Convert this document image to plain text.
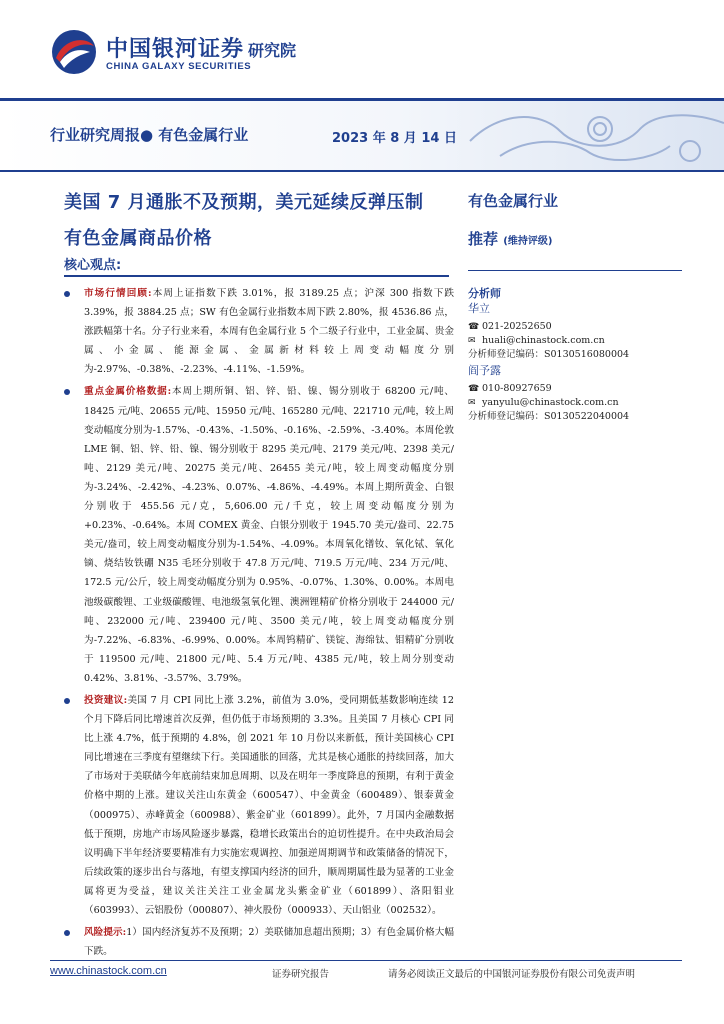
中国银河证券
CHINA GALAXY SECURITIES
研究院
行业研究周报● 有色金属行业	2023 年 8 月 14 日
美国 7 月通胀不及预期，美元延续反弹压制
有色金属商品价格
核心观点:
有色金属行业
推荐 (维持评级)
分析师
华立
☎ 021-20252650
✉ huali@chinastock.com.cn
分析师登记编码：S0130516080004
阎予露
☎ 010-80927659
✉ yanyulu@chinastock.com.cn
分析师登记编码：S0130522040004

市场行情回顾:本周上证指数下跌 3.01%，报 3189.25 点；沪深 300 指数下跌 3.39%，报 3884.25 点；SW 有色金属行业指数本周下跌 2.80%，报 4536.86 点，涨跌幅第十名。分子行业来看，本周有色金属行业 5 个二级子行业中，工业金属、贵金属、小金属、能源金属、金属新材料较上周变动幅度分别为-2.97%、-0.38%、-2.23%、-4.11%、-1.59%。

重点金属价格数据:本周上期所铜、铝、锌、铅、镍、锡分别收于 68200 元/吨、18425 元/吨、20655 元/吨、15950 元/吨、165280 元/吨、221710 元/吨，较上周变动幅度分别为-1.57%、-0.43%、-1.50%、-0.16%、-2.59%、-3.40%。本周伦敦 LME 铜、铝、锌、铅、镍、锡分别收于 8295 美元/吨、2179 美元/吨、2398 美元/吨、2129 美元/吨、20275 美元/吨、26455 美元/吨，较上周变动幅度分别为-3.24%、-2.42%、-4.23%、0.07%、-4.86%、-4.49%。本周上期所黄金、白银分别收于 455.56 元/克，5,606.00 元/千克，较上周变动幅度分别为 +0.23%、-0.64%。本周 COMEX 黄金、白银分别收于 1945.70 美元/盎司、22.75 美元/盎司，较上周变动幅度分别为-1.54%、-4.09%。本周氧化镨钕、氧化铽、氧化镝、烧结钕铁硼 N35 毛坯分别收于 47.8 万元/吨、719.5 万元/吨、234 万元/吨、172.5 元/公斤，较上周变动幅度分别为 0.95%、-0.07%、1.30%、0.00%。本周电池级碳酸锂、工业级碳酸锂、电池级氢氧化锂、澳洲锂精矿价格分别收于 244000 元/吨、232000 元/吨、239400 元/吨、3500 美元/吨，较上周变动幅度分别为-7.22%、-6.83%、-6.99%、0.00%。本周钨精矿、镁锭、海绵钛、钼精矿分别收于 119500 元/吨、21800 元/吨、5.4 万元/吨、4385 元/吨，较上周分别变动 0.42%、3.81%、-3.57%、3.79%。

投资建议:美国 7 月 CPI 同比上涨 3.2%，前值为 3.0%，受同期低基数影响连续 12 个月下降后同比增速首次反弹，但仍低于市场预期的 3.3%。且美国 7 月核心 CPI 同比上涨 4.7%，低于预期的 4.8%，创 2021 年 10 月份以来新低，预计美国核心 CPI 同比增速在三季度有望继续下行。美国通胀的回落，尤其是核心通胀的持续回落，加大了市场对于美联储今年底前结束加息周期、以及在明年一季度降息的预期，有利于黄金价格中期的上涨。建议关注山东黄金（600547）、中金黄金（600489）、银泰黄金（000975）、赤峰黄金（600988）、紫金矿业（601899）。此外，7 月国内金融数据低于预期，房地产市场风险逐步暴露，稳增长政策出台的迫切性提升。在中央政治局会议明确下半年经济要要精准有力实施宏观调控、加强逆周期调节和政策储备的情况下，后续政策的逐步出台与落地，有望支撑国内经济的回升，顺周期属性最为显著的工业金属将更为受益，建议关注关注工业金属龙头紫金矿业（601899）、洛阳钼业（603993）、云铝股份（000807）、神火股份（000933）、天山铝业（002532）。

风险提示:1）国内经济复苏不及预期；2）美联储加息超出预期；3）有色金属价格大幅下跌。

www.chinastock.com.cn	证券研究报告	请务必阅读正文最后的中国银河证券股份有限公司免责声明
